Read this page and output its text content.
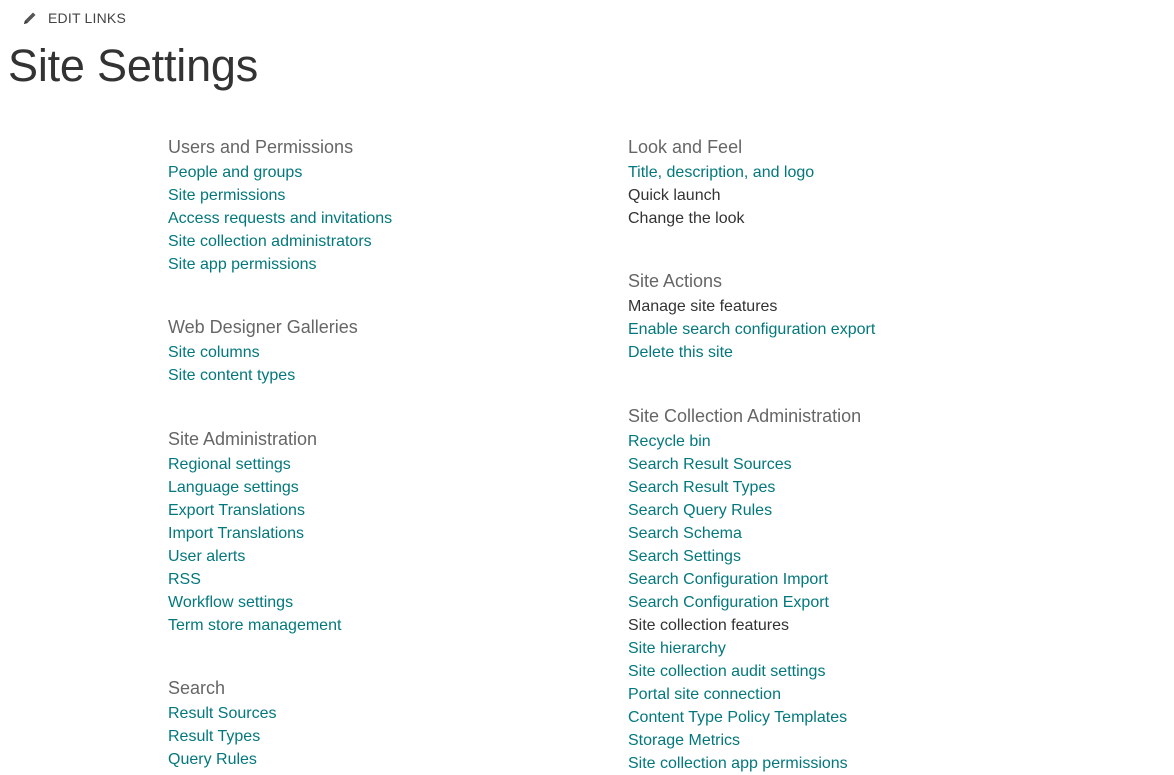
EDIT LINKS
Site Settings
Users and Permissions
People and groups
Site permissions
Access requests and invitations
Site collection administrators
Site app permissions
Web Designer Galleries
Site columns
Site content types
Site Administration
Regional settings
Language settings
Export Translations
Import Translations
User alerts
RSS
Workflow settings
Term store management
Search
Result Sources
Result Types
Query Rules
Look and Feel
Title, description, and logo
Quick launch
Change the look
Site Actions
Manage site features
Enable search configuration export
Delete this site
Site Collection Administration
Recycle bin
Search Result Sources
Search Result Types
Search Query Rules
Search Schema
Search Settings
Search Configuration Import
Search Configuration Export
Site collection features
Site hierarchy
Site collection audit settings
Portal site connection
Content Type Policy Templates
Storage Metrics
Site collection app permissions
